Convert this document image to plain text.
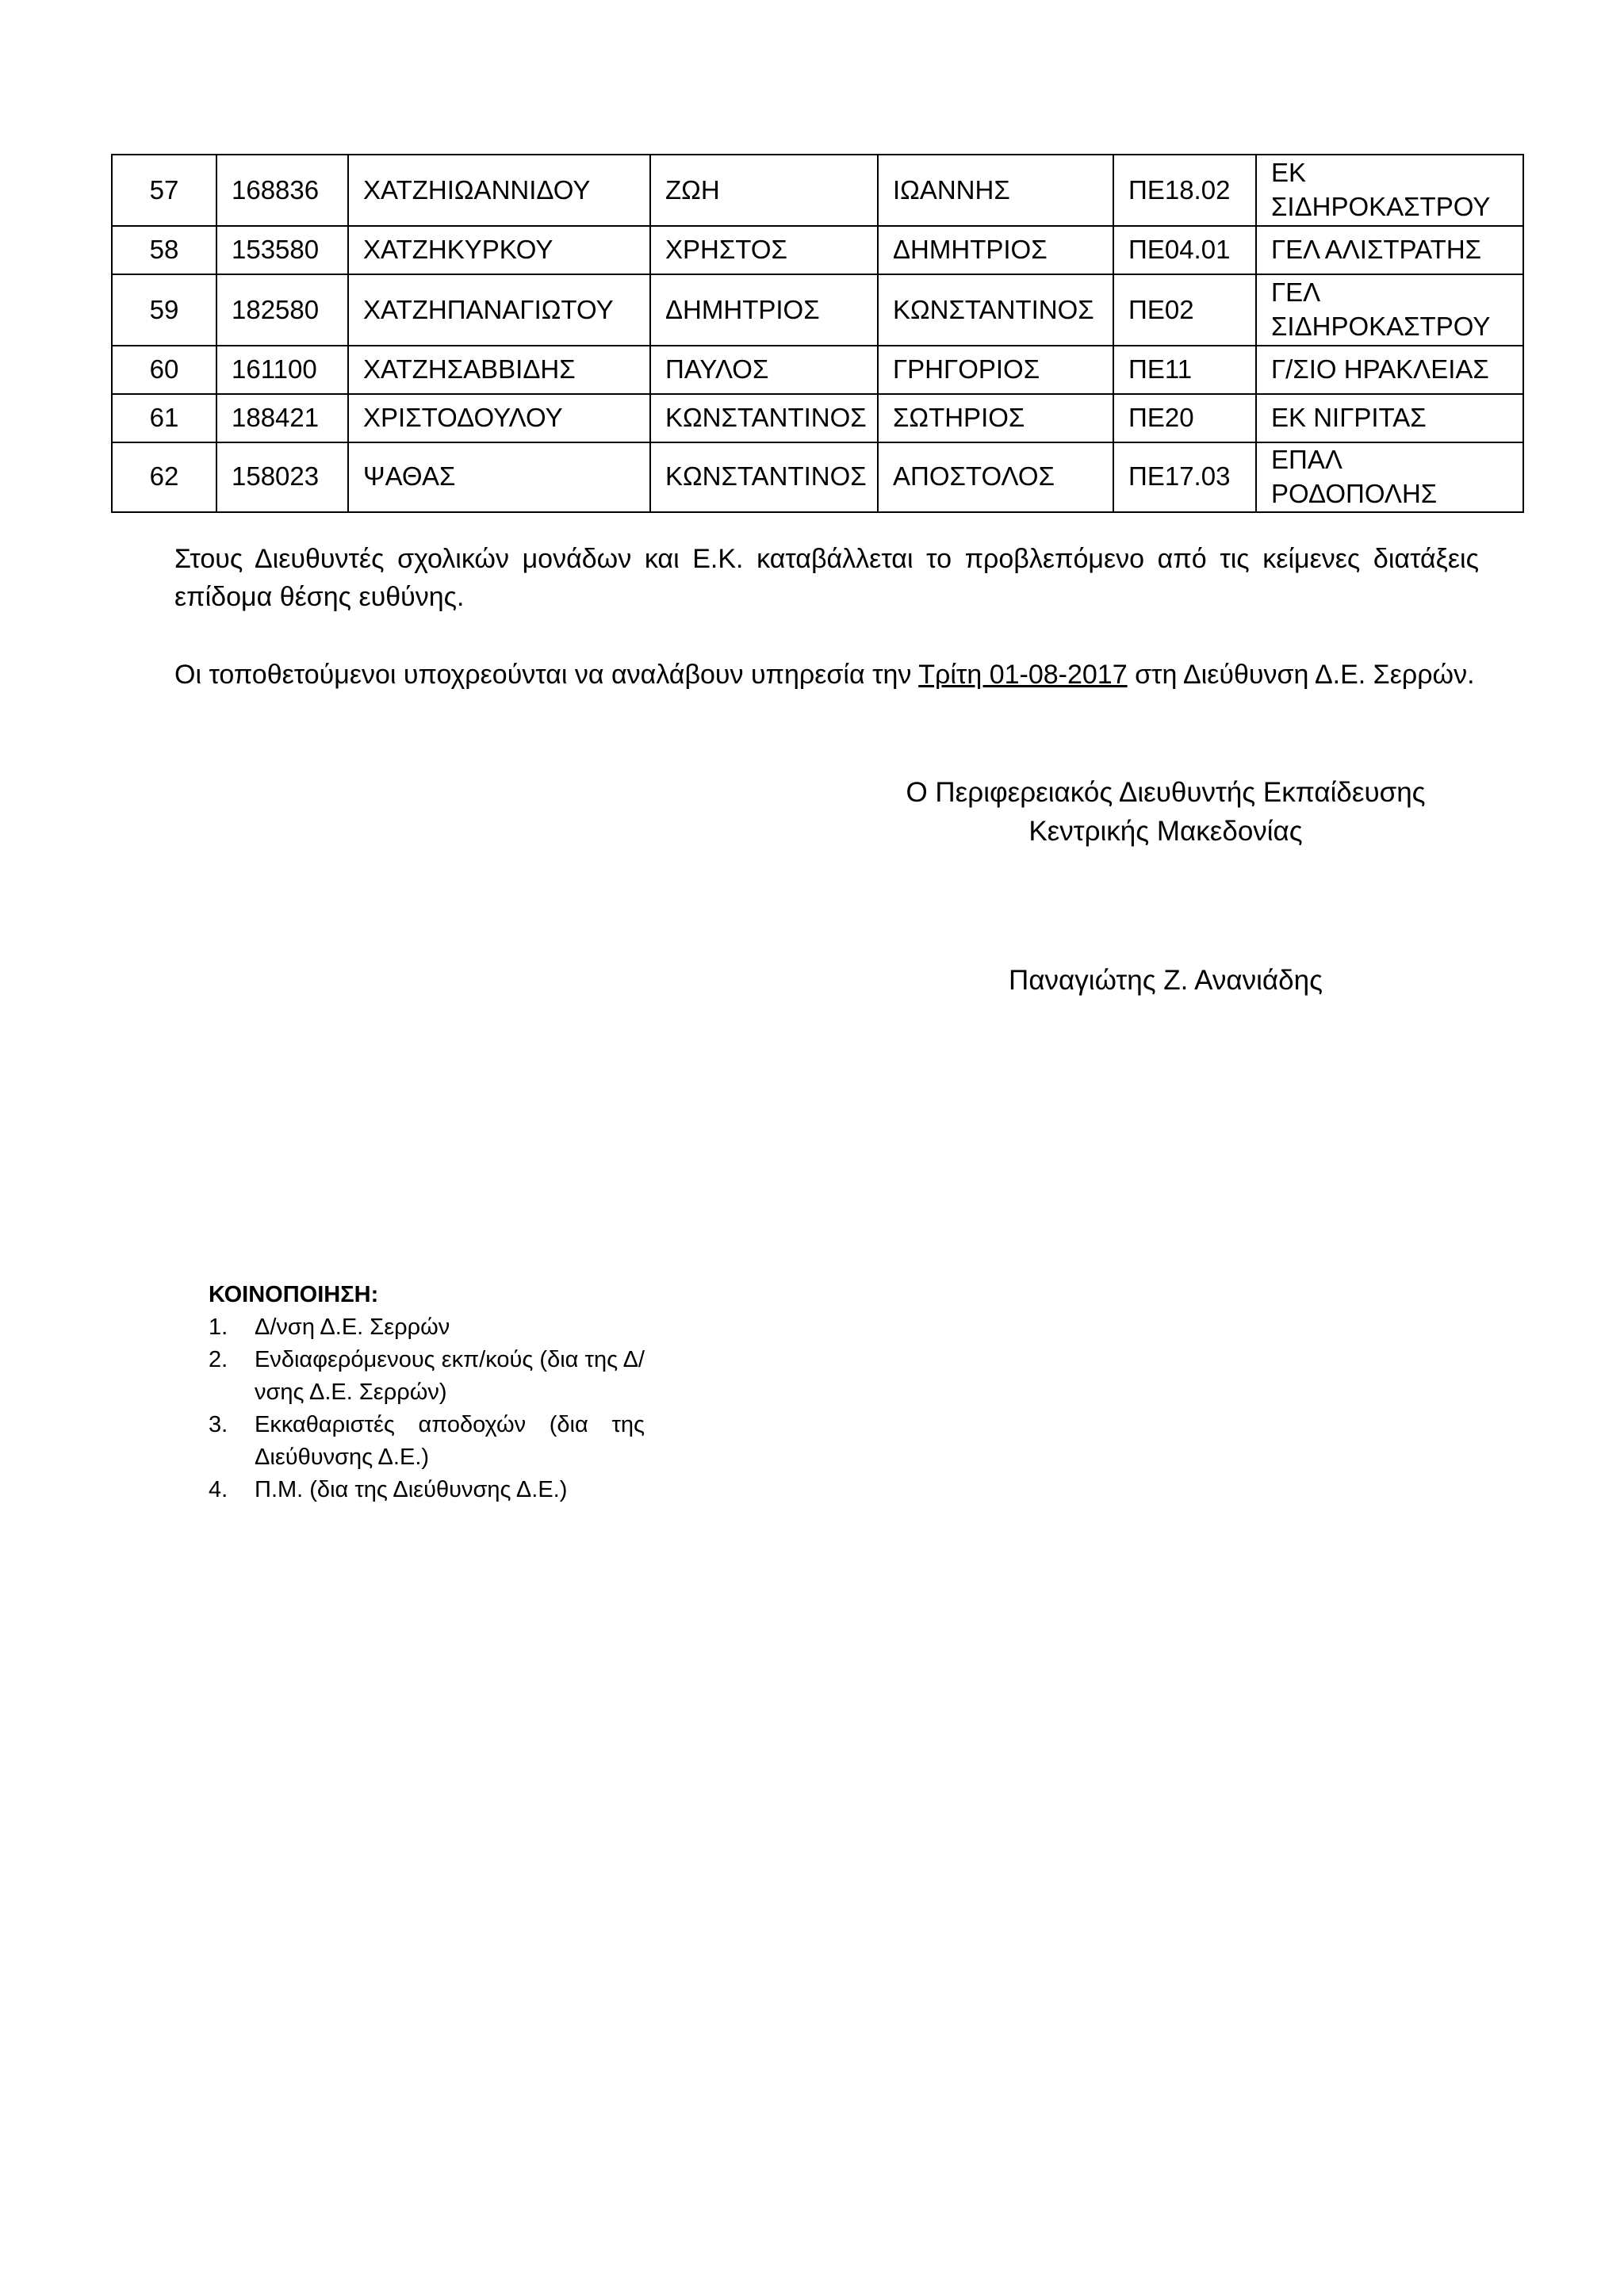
57	168836	ΧΑΤΖΗΙΩΑΝΝΙΔΟΥ	ΖΩΗ	ΙΩΑΝΝΗΣ	ΠΕ18.02	ΕΚ ΣΙΔΗΡΟΚΑΣΤΡΟΥ
58	153580	ΧΑΤΖΗΚΥΡΚΟΥ	ΧΡΗΣΤΟΣ	ΔΗΜΗΤΡΙΟΣ	ΠΕ04.01	ΓΕΛ ΑΛΙΣΤΡΑΤΗΣ
59	182580	ΧΑΤΖΗΠΑΝΑΓΙΩΤΟΥ	ΔΗΜΗΤΡΙΟΣ	ΚΩΝΣΤΑΝΤΙΝΟΣ	ΠΕ02	ΓΕΛ ΣΙΔΗΡΟΚΑΣΤΡΟΥ
60	161100	ΧΑΤΖΗΣΑΒΒΙΔΗΣ	ΠΑΥΛΟΣ	ΓΡΗΓΟΡΙΟΣ	ΠΕ11	Γ/ΣΙΟ ΗΡΑΚΛΕΙΑΣ
61	188421	ΧΡΙΣΤΟΔΟΥΛΟΥ	ΚΩΝΣΤΑΝΤΙΝΟΣ	ΣΩΤΗΡΙΟΣ	ΠΕ20	ΕΚ ΝΙΓΡΙΤΑΣ
62	158023	ΨΑΘΑΣ	ΚΩΝΣΤΑΝΤΙΝΟΣ	ΑΠΟΣΤΟΛΟΣ	ΠΕ17.03	ΕΠΑΛ ΡΟΔΟΠΟΛΗΣ

Στους Διευθυντές σχολικών μονάδων και Ε.Κ. καταβάλλεται το προβλεπόμενο από τις κείμενες διατάξεις επίδομα θέσης ευθύνης.

Οι τοποθετούμενοι υποχρεούνται να αναλάβουν υπηρεσία την Τρίτη 01-08-2017 στη Διεύθυνση Δ.Ε. Σερρών.

Ο Περιφερειακός Διευθυντής Εκπαίδευσης
Κεντρικής Μακεδονίας
Παναγιώτης Ζ. Ανανιάδης
ΚΟΙΝΟΠΟΙΗΣΗ:
1.	Δ/νση Δ.Ε. Σερρών
2.	Ενδιαφερόμενους εκπ/κούς (δια της Δ/νσης Δ.Ε. Σερρών)
3.	Εκκαθαριστές αποδοχών (δια της Διεύθυνσης Δ.Ε.)
4.	Π.Μ. (δια της Διεύθυνσης Δ.Ε.)
